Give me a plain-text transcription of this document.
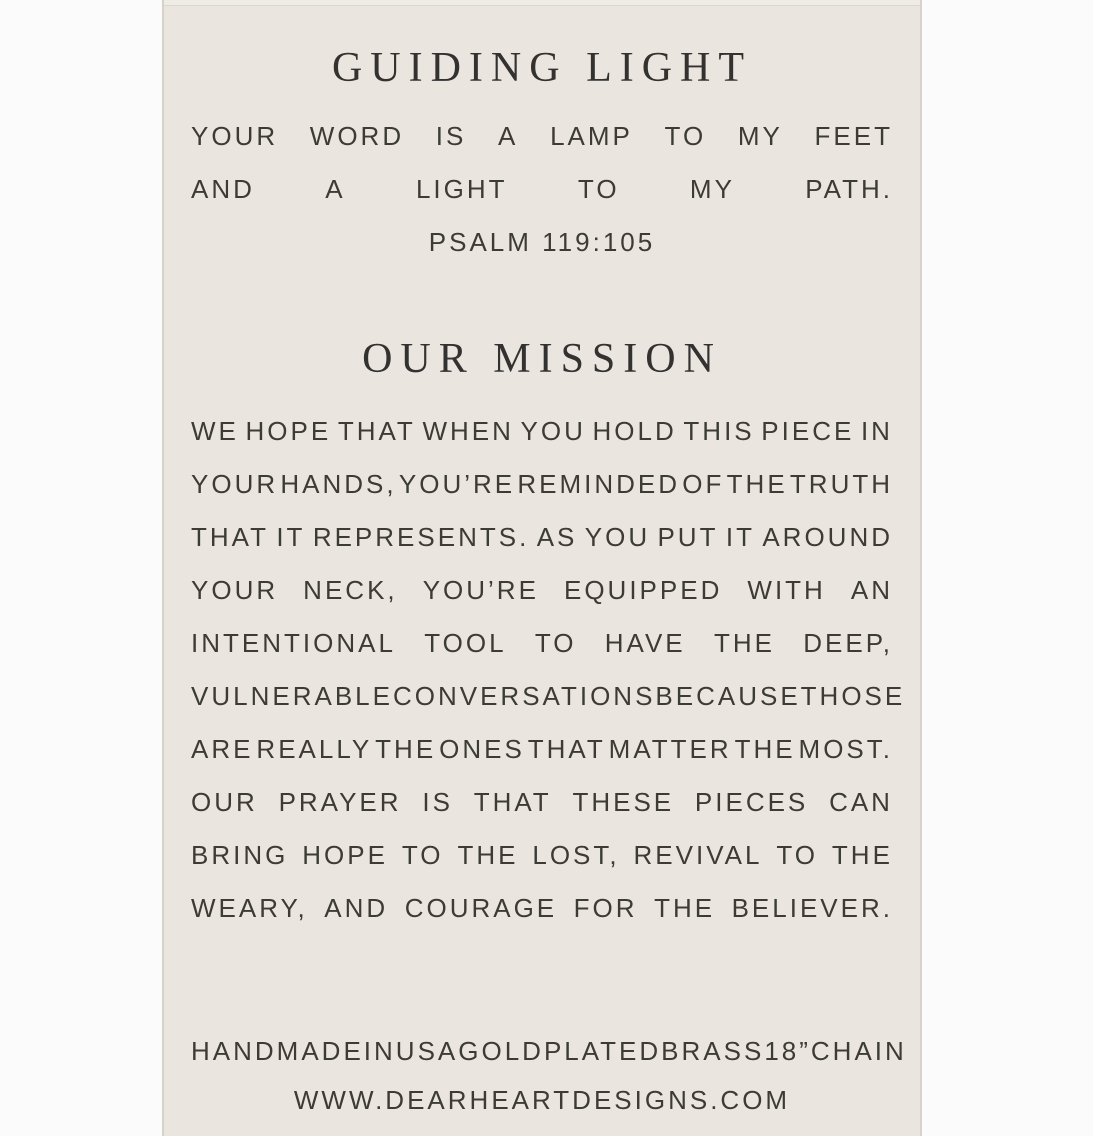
GUIDING LIGHT
YOUR WORD IS A LAMP TO MY FEET
AND	A	LIGHT	TO	MY	PATH.
PSALM 119:105
OUR MISSION
WE HOPE THAT WHEN YOU HOLD THIS PIECE IN
YOUR HANDS, YOU’RE REMINDED OF THE TRUTH
THAT IT REPRESENTS. AS YOU PUT IT AROUND
YOUR NECK, YOU’RE EQUIPPED WITH AN
INTENTIONAL TOOL TO HAVE THE DEEP,
VULNERABLE CONVERSATIONS BECAUSE THOSE
ARE REALLY THE ONES THAT MATTER THE MOST.
OUR PRAYER IS THAT THESE PIECES CAN
BRING HOPE TO THE LOST, REVIVAL TO THE
WEARY, AND COURAGE FOR THE BELIEVER.
HANDMADE IN USA GOLD PLATED BRASS 18” CHAIN
WWW.DEARHEARTDESIGNS.COM
